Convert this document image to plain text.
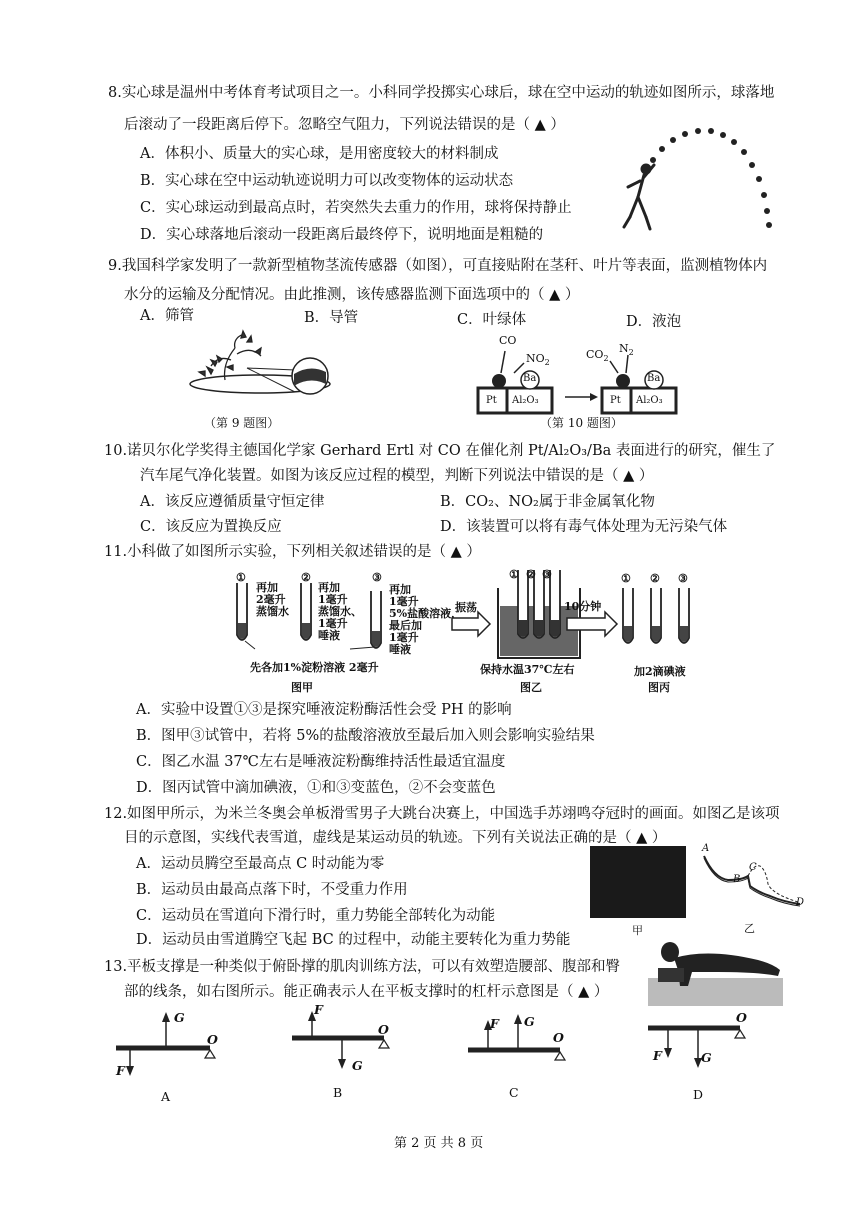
8.实心球是温州中考体育考试项目之一。小科同学投掷实心球后，球在空中运动的轨迹如图所示，球落地
后滚动了一段距离后停下。忽略空气阻力，下列说法错误的是（ ▲ ）
A．体积小、质量大的实心球，是用密度较大的材料制成
B．实心球在空中运动轨迹说明力可以改变物体的运动状态
C．实心球运动到最高点时，若突然失去重力的作用，球将保持静止
D．实心球落地后滚动一段距离后最终停下，说明地面是粗糙的
9.我国科学家发明了一款新型植物茎流传感器（如图），可直接贴附在茎秆、叶片等表面，监测植物体内
水分的运输及分配情况。由此推测，该传感器监测下面选项中的（ ▲ ）
A．筛管	B．导管	C．叶绿体	D．液泡
（第 9 题图）
CO
$NO_2$
$CO_2$
$N_2$
Ba	Ba
Pt Al₂O₃	Pt Al₂O₃
（第 10 题图）
10.诺贝尔化学奖得主德国化学家 Gerhard Ertl 对 CO 在催化剂 Pt/Al₂O₃/Ba 表面进行的研究，催生了
汽车尾气净化装置。如图为该反应过程的模型，判断下列说法中错误的是（ ▲ ）
A．该反应遵循质量守恒定律	B．CO₂、NO₂属于非金属氧化物
C．该反应为置换反应	D．该装置可以将有毒气体处理为无污染气体
11.小科做了如图所示实验，下列相关叙述错误的是（ ▲ ）
①
再加
2毫升
蒸馏水
②
再加
1毫升
蒸馏水、
1毫升
唾液
③
再加
1毫升
5%盐酸溶液，
最后加
1毫升
唾液
先各加1%淀粉溶液 2毫升
图甲
振荡
① ② ③
保持水温37℃左右
图乙
10分钟
① ② ③
加2滴碘液
图丙
A．实验中设置①③是探究唾液淀粉酶活性会受 PH 的影响
B．图甲③试管中，若将 5%的盐酸溶液放至最后加入则会影响实验结果
C．图乙水温 37℃左右是唾液淀粉酶维持活性最适宜温度
D．图丙试管中滴加碘液，①和③变蓝色，②不会变蓝色
12.如图甲所示，为米兰冬奥会单板滑雪男子大跳台决赛上，中国选手苏翊鸣夺冠时的画面。如图乙是该项
目的示意图，实线代表雪道，虚线是某运动员的轨迹。下列有关说法正确的是（ ▲ ）
A．运动员腾空至最高点 C 时动能为零
B．运动员由最高点落下时，不受重力作用
C．运动员在雪道向下滑行时，重力势能全部转化为动能
D．运动员由雪道腾空飞起 BC 的过程中，动能主要转化为重力势能
甲
A
B
C
D
乙
13.平板支撑是一种类似于俯卧撑的肌肉训练方法，可以有效塑造腰部、腹部和臀
部的线条，如右图所示。能正确表示人在平板支撑时的杠杆示意图是（ ▲ ）
G
F
O
A
F
G
O
B
F G
O
C
F	G
O
D
第 2 页 共 8 页
